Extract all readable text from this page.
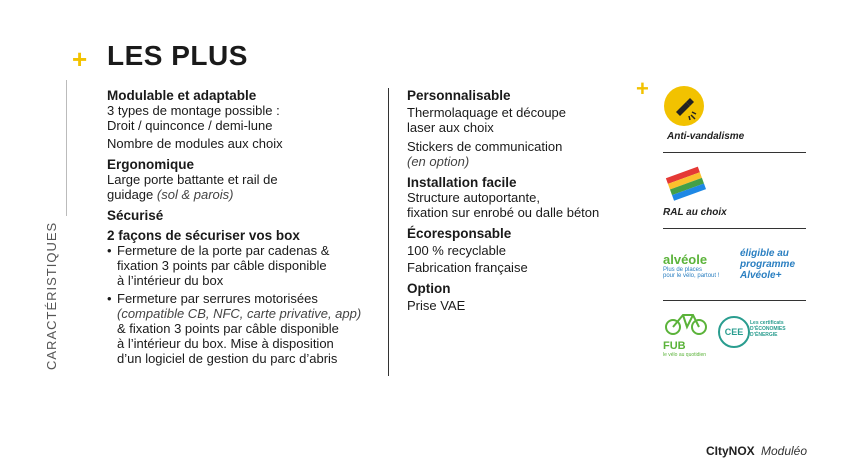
CARACTÉRISTIQUES
+ LES PLUS
Modulable et adaptable
3 types de montage possible :
Droit / quinconce / demi-lune
Nombre de modules aux choix
Ergonomique
Large porte battante et rail de
guidage (sol & parois)
Sécurisé
2 façons de sécuriser vos box
• Fermeture de la porte par cadenas &
fixation 3 points par câble disponible
à l’intérieur du box
• Fermeture par serrures motorisées
(compatible CB, NFC, carte privative, app)
& fixation 3 points par câble disponible
à l’intérieur du box. Mise à disposition
d’un logiciel de gestion du parc d’abris
Personnalisable
Thermolaquage et découpe
laser aux choix
Stickers de communication
(en option)
Installation facile
Structure autoportante,
fixation sur enrobé ou dalle béton
Écoresponsable
100 % recyclable
Fabrication française
Option
Prise VAE
+
Anti-vandalisme
RAL au choix
alvéole
Plus de places
pour le vélo, partout !
éligible au
programme
Alvéole+
FUB
le vélo au quotidien
CEE
Les certificats
D’ÉCONOMIES
D’ÉNERGIE
CItyNOX Moduléo
